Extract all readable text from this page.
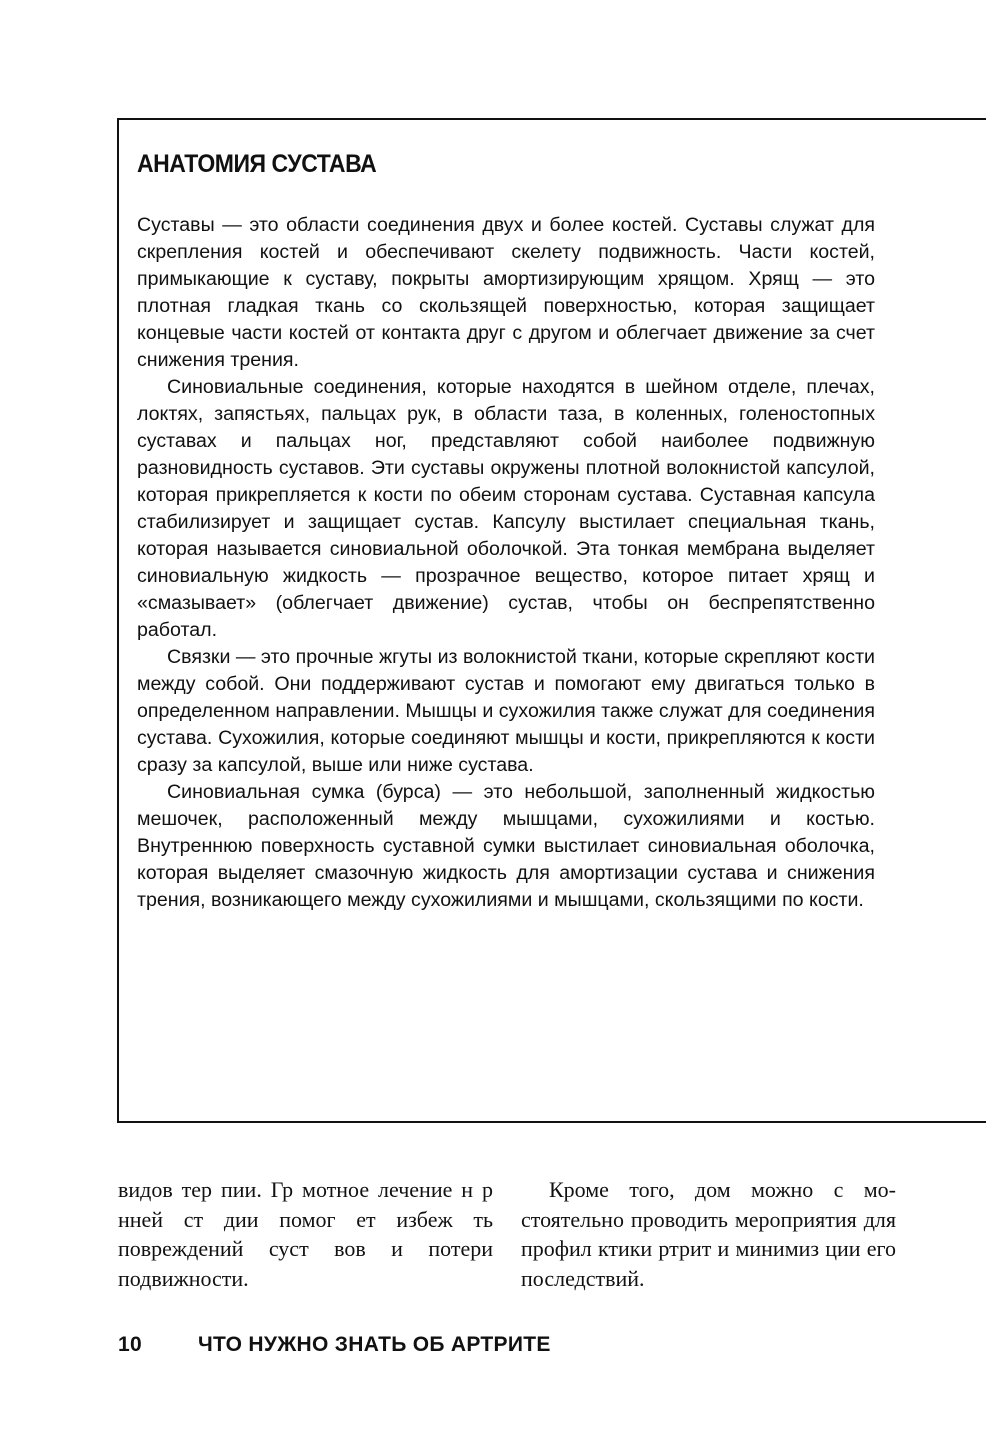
АНАТОМИЯ СУСТАВА

Суставы — это области соединения двух и более костей. Суставы служат для скрепления костей и обеспечивают скелету подвижность. Части костей, примыкающие к суставу, покрыты амортизирующим хрящом. Хрящ — это плотная гладкая ткань со скользящей поверхностью, которая защищает концевые части костей от контакта друг с другом и облегчает движение за счет снижения трения.

Синовиальные соединения, которые находятся в шейном отделе, плечах, локтях, запястьях, пальцах рук, в области таза, в коленных, голеностопных суставах и пальцах ног, представляют собой наиболее подвижную разновидность суставов. Эти суставы окружены плотной волокнистой капсулой, которая прикрепляется к кости по обеим сторонам сустава. Суставная капсула стабилизирует и защищает сустав. Капсулу выстилает специальная ткань, которая называется синовиальной оболочкой. Эта тонкая мембрана выделяет синовиальную жидкость — прозрачное вещество, которое питает хрящ и «смазывает» (облегчает движение) сустав, чтобы он беспрепятственно работал.

Связки — это прочные жгуты из волокнистой ткани, которые скрепляют кости между собой. Они поддерживают сустав и помогают ему двигаться только в определенном направлении. Мышцы и сухожилия также служат для соединения сустава. Сухожилия, которые соединяют мышцы и кости, прикрепляются к кости сразу за капсулой, выше или ниже сустава.

Синовиальная сумка (бурса) — это небольшой, заполненный жидкостью мешочек, расположенный между мышцами, сухожилиями и костью. Внутреннюю поверхность суставной сумки выстилает синовиальная оболочка, которая выделяет смазочную жидкость для амортизации сустава и снижения трения, возникающего между сухожилиями и мышцами, скользящими по кости.

видов тер пии. Гр мотное лечение н р нней ст дии помог ет избеж ть повреждений суст вов и потери подвижности.

Кроме того, дом можно с мостоятельно проводить мероприятия для профил ктики ртрит и минимиз ции его последствий.

10	ЧТО НУЖНО ЗНАТЬ ОБ АРТРИТЕ
